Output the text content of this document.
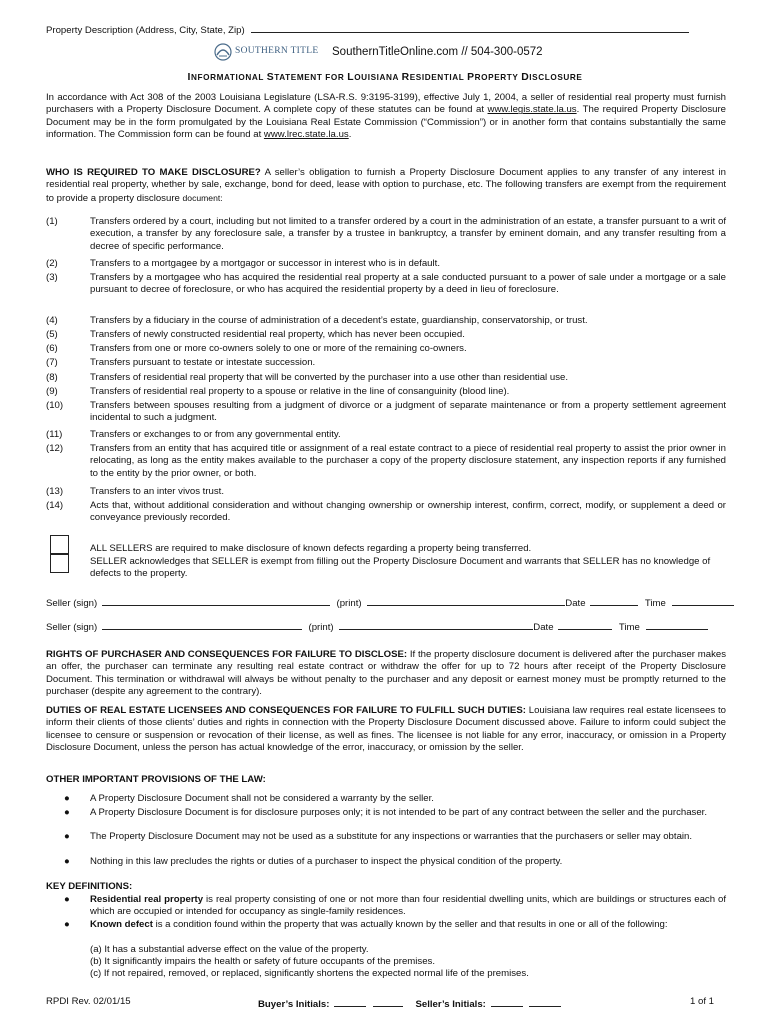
Property Description (Address, City, State, Zip)
SOUTHERN TITLE SouthernTitleOnline.com // 504-300-0572
INFORMATIONAL STATEMENT FOR LOUISIANA RESIDENTIAL PROPERTY DISCLOSURE
In accordance with Act 308 of the 2003 Louisiana Legislature (LSA-R.S. 9:3195-3199), effective July 1, 2004, a seller of residential real property must furnish purchasers with a Property Disclosure Document. A complete copy of these statutes can be found at www.legis.state.la.us. The required Property Disclosure Document may be in the form promulgated by the Louisiana Real Estate Commission (“Commission”) or in another form that contains substantially the same information. The Commission form can be found at www.lrec.state.la.us.
WHO IS REQUIRED TO MAKE DISCLOSURE? A seller’s obligation to furnish a Property Disclosure Document applies to any transfer of any interest in residential real property, whether by sale, exchange, bond for deed, lease with option to purchase, etc. The following transfers are exempt from the requirement to provide a property disclosure document:
(1)	Transfers ordered by a court, including but not limited to a transfer ordered by a court in the administration of an estate, a transfer pursuant to a writ of execution, a transfer by any foreclosure sale, a transfer by a trustee in bankruptcy, a transfer by eminent domain, and any transfer resulting from a decree of specific performance.
(2)	Transfers to a mortgagee by a mortgagor or successor in interest who is in default.
(3)	Transfers by a mortgagee who has acquired the residential real property at a sale conducted pursuant to a power of sale under a mortgage or a sale pursuant to decree of foreclosure, or who has acquired the residential property by a deed in lieu of foreclosure.
(4)	Transfers by a fiduciary in the course of administration of a decedent’s estate, guardianship, conservatorship, or trust.
(5)	Transfers of newly constructed residential real property, which has never been occupied.
(6)	Transfers from one or more co-owners solely to one or more of the remaining co-owners.
(7)	Transfers pursuant to testate or intestate succession.
(8)	Transfers of residential real property that will be converted by the purchaser into a use other than residential use.
(9)	Transfers of residential real property to a spouse or relative in the line of consanguinity (blood line).
(10)	Transfers between spouses resulting from a judgment of divorce or a judgment of separate maintenance or from a property settlement agreement incidental to such a judgment.
(11)	Transfers or exchanges to or from any governmental entity.
(12)	Transfers from an entity that has acquired title or assignment of a real estate contract to a piece of residential real property to assist the prior owner in relocating, as long as the entity makes available to the purchaser a copy of the property disclosure statement, any inspection reports if any furnished to the entity by the prior owner, or both.
(13)	Transfers to an inter vivos trust.
(14)	Acts that, without additional consideration and without changing ownership or ownership interest, confirm, correct, modify, or supplement a deed or conveyance previously recorded.
ALL SELLERS are required to make disclosure of known defects regarding a property being transferred.
SELLER acknowledges that SELLER is exempt from filling out the Property Disclosure Document and warrants that SELLER has no knowledge of defects to the property.
Seller (sign)	(print)	Date	Time
Seller (sign)	(print)	Date	Time
RIGHTS OF PURCHASER AND CONSEQUENCES FOR FAILURE TO DISCLOSE: If the property disclosure document is delivered after the purchaser makes an offer, the purchaser can terminate any resulting real estate contract or withdraw the offer for up to 72 hours after receipt of the Property Disclosure Document. This termination or withdrawal will always be without penalty to the purchaser and any deposit or earnest money must be promptly returned to the purchaser (despite any agreement to the contrary).
DUTIES OF REAL ESTATE LICENSEES AND CONSEQUENCES FOR FAILURE TO FULFILL SUCH DUTIES: Louisiana law requires real estate licensees to inform their clients of those clients’ duties and rights in connection with the Property Disclosure Document discussed above. Failure to inform could subject the licensee to censure or suspension or revocation of their license, as well as fines. The licensee is not liable for any error, inaccuracy, or omission in a Property Disclosure Document, unless the person has actual knowledge of the error, inaccuracy, or omission by the seller.
OTHER IMPORTANT PROVISIONS OF THE LAW:
● A Property Disclosure Document shall not be considered a warranty by the seller.
● A Property Disclosure Document is for disclosure purposes only; it is not intended to be part of any contract between the seller and the purchaser.
● The Property Disclosure Document may not be used as a substitute for any inspections or warranties that the purchasers or seller may obtain.
● Nothing in this law precludes the rights or duties of a purchaser to inspect the physical condition of the property.
KEY DEFINITIONS:
● Residential real property is real property consisting of one or not more than four residential dwelling units, which are buildings or structures each of which are occupied or intended for occupancy as single-family residences.
● Known defect is a condition found within the property that was actually known by the seller and that results in one or all of the following:
(a) It has a substantial adverse effect on the value of the property.
(b) It significantly impairs the health or safety of future occupants of the premises.
(c) If not repaired, removed, or replaced, significantly shortens the expected normal life of the premises.
RPDI Rev. 02/01/15	Buyer’s Initials:	Seller’s Initials:	1 of 1
